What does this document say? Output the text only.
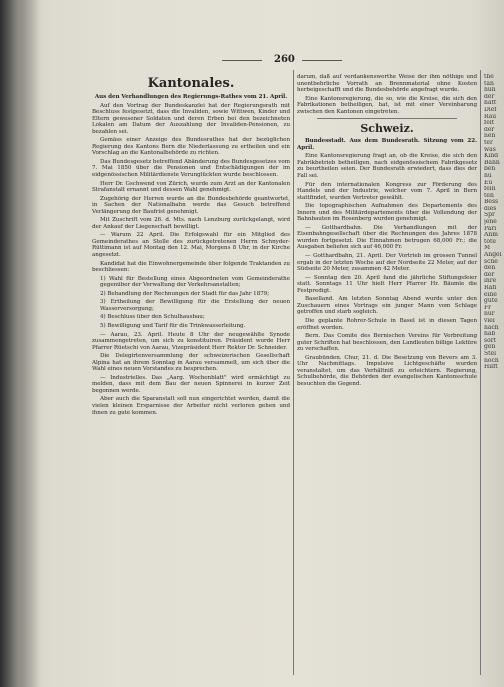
260
Kantonales.

Aus den Verhandlungen des Regierungs-Rathes vom 21. April.

Auf den Vortrag der Bundeskanzlei hat der Regierungsrath mit Beschluss festgesetzt, dass die Invaliden, sowie Wittwen, Kinder und Eltern gewesener Soldaten und deren Erben bei den bezeichneten Lokalen am Datum der Auszahlung der Invaliden-Pensionen, zu bezahlen sei.

Gemäss einer Anzeige des Bundesrathes hat der bezüglichen Regierung des Kantons Bern die Niederlassung zu ertheilen und ein Vorschlag an die Kantonalbehörde zu richten.

Das Bundesgesetz betreffend Abänderung des Bundesgesetzes vom 7. Mai 1850 über die Pensionen und Entschädigungen der im eidgenössischen Militärdienste Verunglückten wurde beschlossen.

Herr Dr. Gschwend von Zürich, wurde zum Arzt an der Kantonalen Strafanstalt ernannt und dessen Wahl genehmigt.

Zugehörig der Herren wurde an die Bundesbehörde geantwortet, in Sachen der Nationalbahn werde das Gesuch betreffend Verlängerung der Baufrist genehmigt.

Mit Zuschrift vom 26. d. Mts. nach Lenzburg zurückgelangt, wird der Ankauf der Liegenschaft bewilligt.

— Warum 22 April. Die Erfolgswahl für ein Mitglied des Gemeinderathes an Stelle des zurückgetretenen Herrn Schnyder-Rüttimann ist auf Montag den 12. Mai, Morgens 8 Uhr, in der Kirche angesetzt.

Kandidat hat die Einwohnergemeinde über folgende Traktanden zu beschliessen:

1) Wahl für Bestellung eines Abgeordneten vom Gemeinderathe gegenüber der Verwaltung der Verkehrsanstalten;

2) Behandlung der Rechnungen der Stadt für das Jahr 1879;

3) Ertheilung der Bewilligung für die Erstellung der neuen Wasserversorgung;

4) Beschluss über den Schulhausbau;

5) Bewilligung und Tarif für die Trinkwasserleitung.

— Aarau, 23. April. Heute 8 Uhr der neugewählte Synode zusammengetreten, um sich zu konstituiren. Präsident wurde Herr Pfarrer Rüetschi von Aarau, Vizepräsident Herr Rektor Dr. Schneider.

Die Delegirtenversammlung der schweizerischen Gesellschaft Alpina hat an ihrem Sonntag in Aarau versammelt, um sich über die Wahl eines neuen Vorstandes zu besprechen.

— Industrielles. Das „Aarg. Wochenblatt" wird ermächtigt zu melden, dass mit dem Bau der neuen Spinnerei in kurzer Zeit begonnen werde.

Aber auch die Sparanstalt soll nun eingerichtet werden, damit die vielen kleinen Ersparnisse der Arbeiter nicht verloren gehen und ihnen zu gute kommen.

darum, daß auf verdankenswerthe Weise der ihm nöthige und unentbehrliche Vorrath an Brennmaterial ohne Kosten herbeigeschafft und die Bundesbehörde angefragt wurde.

Eine Kantonsregierung, die so, wie die Kreise, die sich den Fabrikationen betheiligen, hat, ist mit einer Vereinbarung zwischen den Kantonen eingetreten.

Schweiz.

Bundesstadt. Aus dem Bundesrath. Sitzung vom 22. April.

Eine Kantonsregierung fragt an, ob die Kreise, die sich den Fabrikbetrieb betheiligen, nach eidgenössischem Fabrikgesetz zu beurtheilen seien. Der Bundesrath erwiedert, dass dies der Fall sei.

Für den internationalen Kongress zur Förderung des Handels und der Industrie, welcher vom 7. April in Bern stattfindet, wurden Vertreter gewählt.

Die topographischen Aufnahmen des Departements des Innern und des Militärdepartements über die Vollendung der Bahnbauten im Rosenberg wurden genehmigt.

— Gotthardbahn. Die Verhandlungen mit der Eisenbahngesellschaft über die Rechnungen des Jahres 1878 wurden fortgesetzt. Die Einnahmen betrugen 68,000 Fr.; die Ausgaben beliefen sich auf 46,000 Fr.

— Gotthardbahn, 21. April. Der Vortrieb im grossen Tunnel ergab in der letzten Woche auf der Nordseite 22 Meter, auf der Südseite 20 Meter, zusammen 42 Meter.

— Sonntag den 20. April fand die jährliche Stiftungsfeier statt. Sonntags 11 Uhr hielt Herr Pfarrer Hr. Bäumle die Festpredigt.

Baselland. Am letzten Sonntag Abend wurde unter den Zuschauern eines Vortrags ein junger Mann vom Schlage getroffen und starb sogleich.

Die geplante Rohrer-Schule in Basel ist in diesen Tagen eröffnet worden.

Bern. Das Comite des Bernischen Vereins für Verbreitung guter Schriften hat beschlossen, den Landleuten billige Lektüre zu verschaffen.

Graubünden. Chur, 21. d. Die Besetzung von Bevers am 3. Uhr Nachmittags. Impulsive Lichtgeschäfte wurden veranstaltet, um das Verhältniß zu erleichtern. Regierung, Schulbehörde, die Behörden der evangelischen Kantonsschule besuchten die Gegend.

the
tan
hun
der
hatt
Dief
Rau
feit
der
nen
ter
was
Kind
Bahn
ben
hu
Eu
fein
ten
Bess
dies
Spr
jene
Pari
Anm
tote
M
Angel
sche
den
der
ihre
Rafi
eine
gute
Fr
nur
viel
nach
hab
sort
gen
Stel
noch
Hilft
